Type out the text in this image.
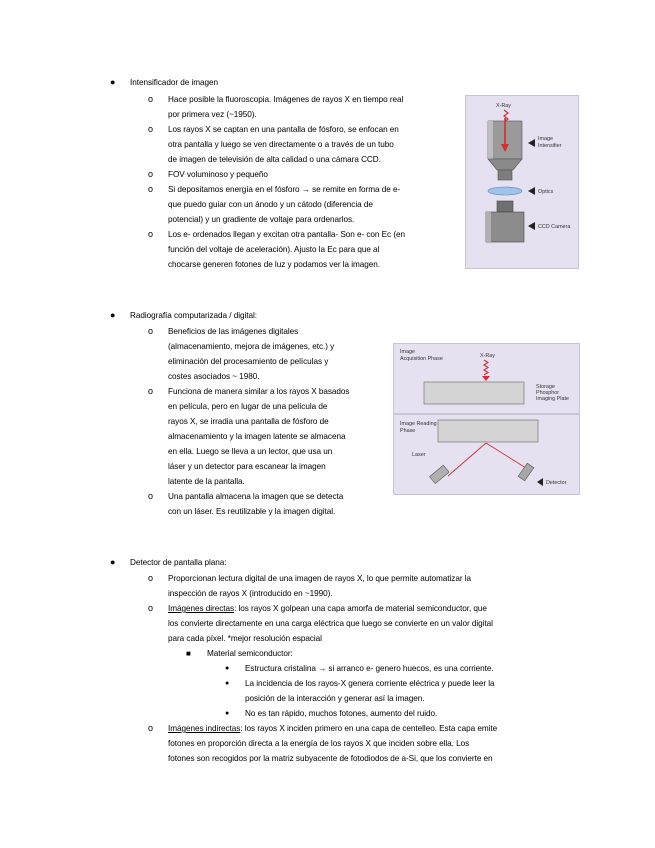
● Intensificador de imagen
o Hace posible la fluoroscopia. Imágenes de rayos X en tiempo real
por primera vez (~1950).
o Los rayos X se captan en una pantalla de fósforo, se enfocan en
otra pantalla y luego se ven directamente o a través de un tubo
de imagen de televisión de alta calidad o una cámara CCD.
o FOV voluminoso y pequeño
o Si depositamos energía en el fósforo → se remite en forma de e-
que puedo guiar con un ánodo y un cátodo (diferencia de
potencial) y un gradiente de voltaje para ordenarlos.
o Los e- ordenados llegan y excitan otra pantalla- Son e- con Ec (en
función del voltaje de aceleración). Ajusto la Ec para que al
chocarse generen fotones de luz y podamos ver la imagen.
X-Ray
Image
Intensifier
Optics
CCD Camera
● Radiografía computarizada / digital:
o Beneficios de las imágenes digitales
(almacenamiento, mejora de imágenes, etc.) y
eliminación del procesamiento de películas y
costes asociados ~ 1980.
o Funciona de manera similar a los rayos X basados
en película, pero en lugar de una película de
rayos X, se irradia una pantalla de fósforo de
almacenamiento y la imagen latente se almacena
en ella. Luego se lleva a un lector, que usa un
láser y un detector para escanear la imagen
latente de la pantalla.
o Una pantalla almacena la imagen que se detecta
con un láser. Es reutilizable y la imagen digital.
Image
Acquisition Phase	X-Ray
Storage
Phosphor
Imaging Plate
Image Reading
Phase
Laser
Detector
● Detector de pantalla plana:
o Proporcionan lectura digital de una imagen de rayos X, lo que permite automatizar la
inspección de rayos X (introducido en ~1990).
o Imágenes directas: los rayos X golpean una capa amorfa de material semiconductor, que
los convierte directamente en una carga eléctrica que luego se convierte en un valor digital
para cada píxel. *mejor resolución espacial
■ Material semiconductor:
● Estructura cristalina → si arranco e- genero huecos, es una corriente.
● La incidencia de los rayos-X genera corriente eléctrica y puede leer la
posición de la interacción y generar así la imagen.
● No es tan rápido, muchos fotones, aumento del ruido.
o Imágenes indirectas: los rayos X inciden primero en una capa de centelleo. Esta capa emite
fotones en proporción directa a la energía de los rayos X que inciden sobre ella. Los
fotones son recogidos por la matriz subyacente de fotodiodos de a-Si, que los convierte en
